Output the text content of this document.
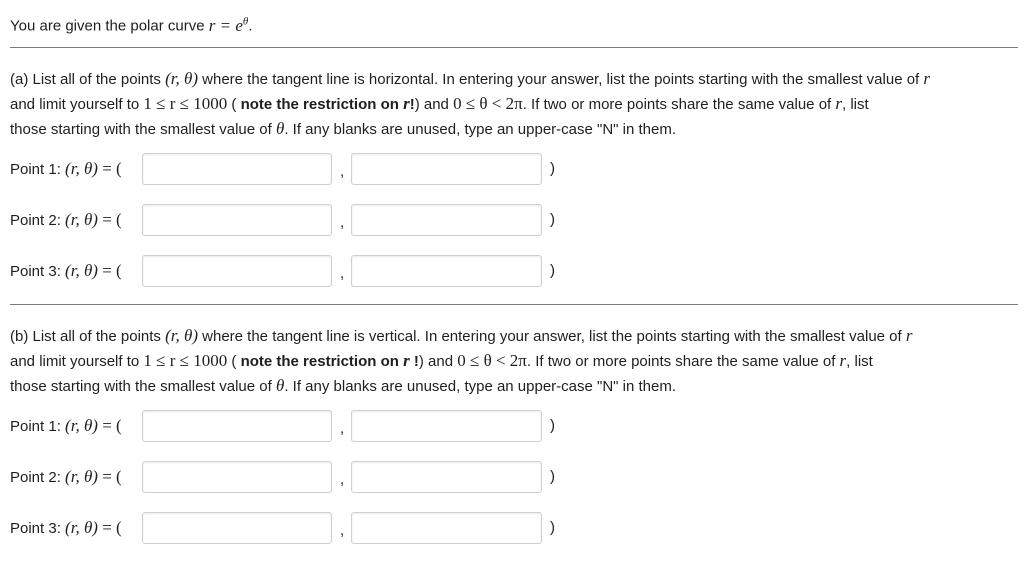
You are given the polar curve $r = e^\theta$.
(a) List all of the points (r, θ) where the tangent line is horizontal. In entering your answer, list the points starting with the smallest value of r
and limit yourself to 1 ≤ r ≤ 1000 ( note the restriction on r!) and 0 ≤ θ < 2π. If two or more points share the same value of r, list
those starting with the smallest value of θ. If any blanks are unused, type an upper-case "N" in them.
Point 1: (r, θ) = (	,	)
Point 2: (r, θ) = (	,	)
Point 3: (r, θ) = (	,	)
(b) List all of the points (r, θ) where the tangent line is vertical. In entering your answer, list the points starting with the smallest value of r
and limit yourself to 1 ≤ r ≤ 1000 ( note the restriction on r !) and 0 ≤ θ < 2π. If two or more points share the same value of r, list
those starting with the smallest value of θ. If any blanks are unused, type an upper-case "N" in them.
Point 1: (r, θ) = (	,	)
Point 2: (r, θ) = (	,	)
Point 3: (r, θ) = (	,	)
